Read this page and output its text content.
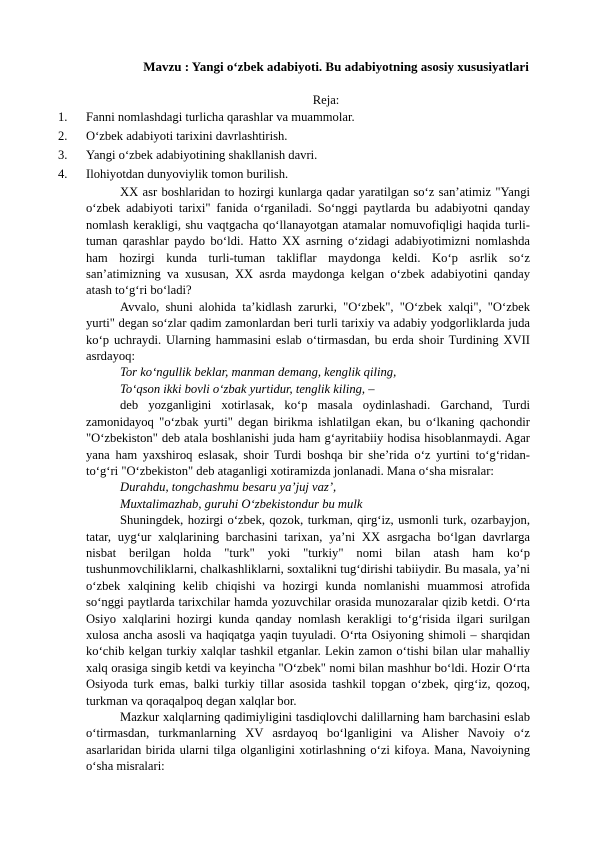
Mavzu : Yangi o‘zbek adabiyoti. Bu adabiyotning asosiy xususiyatlari
Reja:
1. Fanni nomlashdagi turlicha qarashlar va muammolar.
2. O‘zbek adabiyoti tarixini davrlashtirish.
3. Yangi o‘zbek adabiyotining shakllanish davri.
4. Ilohiyotdan dunyoviylik tomon burilish.

XX asr boshlaridan to hozirgi kunlarga qadar yaratilgan so‘z san’atimiz "Yangi o‘zbek adabiyoti tarixi" fanida o‘rganiladi. So‘nggi paytlarda bu adabiyotni qanday nomlash kerakligi, shu vaqtgacha qo‘llanayotgan atamalar nomuvofiqligi haqida turli-tuman qarashlar paydo bo‘ldi. Hatto XX asrning o‘zidagi adabiyotimizni nomlashda ham hozirgi kunda turli-tuman takliflar maydonga keldi. Ko‘p asrlik so‘z san’atimizning va xususan, XX asrda maydonga kelgan o‘zbek adabiyotini qanday atash to‘g‘ri bo‘ladi?

Avvalo, shuni alohida ta’kidlash zarurki, "O‘zbek", "O‘zbek xalqi", "O‘zbek yurti" degan so‘zlar qadim zamonlardan beri turli tarixiy va adabiy yodgorliklarda juda ko‘p uchraydi. Ularning hammasini eslab o‘tirmasdan, bu erda shoir Turdining XVII asrdayoq:

Tor ko‘ngullik beklar, manman demang, kenglik qiling,

To‘qson ikki bovli o‘zbak yurtidur, tenglik kiling, –

deb yozganligini xotirlasak, ko‘p masala oydinlashadi. Garchand, Turdi zamonidayoq "o‘zbak yurti" degan birikma ishlatilgan ekan, bu o‘lkaning qachondir "O‘zbekiston" deb atala boshlanishi juda ham g‘ayritabiiy hodisa hisoblanmaydi. Agar yana ham yaxshiroq eslasak, shoir Turdi boshqa bir she’rida o‘z yurtini to‘g‘ridan-to‘g‘ri "O‘zbekiston" deb ataganligi xotiramizda jonlanadi. Mana o‘sha misralar:

Durahdu, tongchashmu besaru ya’juj vaz’,

Muxtalimazhab, guruhi O‘zbekistondur bu mulk

Shuningdek, hozirgi o‘zbek, qozok, turkman, qirg‘iz, usmonli turk, ozarbayjon, tatar, uyg‘ur xalqlarining barchasini tarixan, ya’ni XX asrgacha bo‘lgan davrlarga nisbat berilgan holda "turk" yoki "turkiy" nomi bilan atash ham ko‘p tushunmovchiliklarni, chalkashliklarni, soxtalikni tug‘dirishi tabiiydir. Bu masala, ya’ni o‘zbek xalqining kelib chiqishi va hozirgi kunda nomlanishi muammosi atrofida so‘nggi paytlarda tarixchilar hamda yozuvchilar orasida munozaralar qizib ketdi. O‘rta Osiyo xalqlarini hozirgi kunda qanday nomlash kerakligi to‘g‘risida ilgari surilgan xulosa ancha asosli va haqiqatga yaqin tuyuladi. O‘rta Osiyoning shimoli – sharqidan ko‘chib kelgan turkiy xalqlar tashkil etganlar. Lekin zamon o‘tishi bilan ular mahalliy xalq orasiga singib ketdi va keyincha "O‘zbek" nomi bilan mashhur bo‘ldi. Hozir O‘rta Osiyoda turk emas, balki turkiy tillar asosida tashkil topgan o‘zbek, qirg‘iz, qozoq, turkman va qoraqalpoq degan xalqlar bor.

Mazkur xalqlarning qadimiyligini tasdiqlovchi dalillarning ham barchasini eslab o‘tirmasdan, turkmanlarning XV asrdayoq bo‘lganligini va Alisher Navoiy o‘z asarlaridan birida ularni tilga olganligini xotirlashning o‘zi kifoya. Mana, Navoiyning o‘sha misralari:
